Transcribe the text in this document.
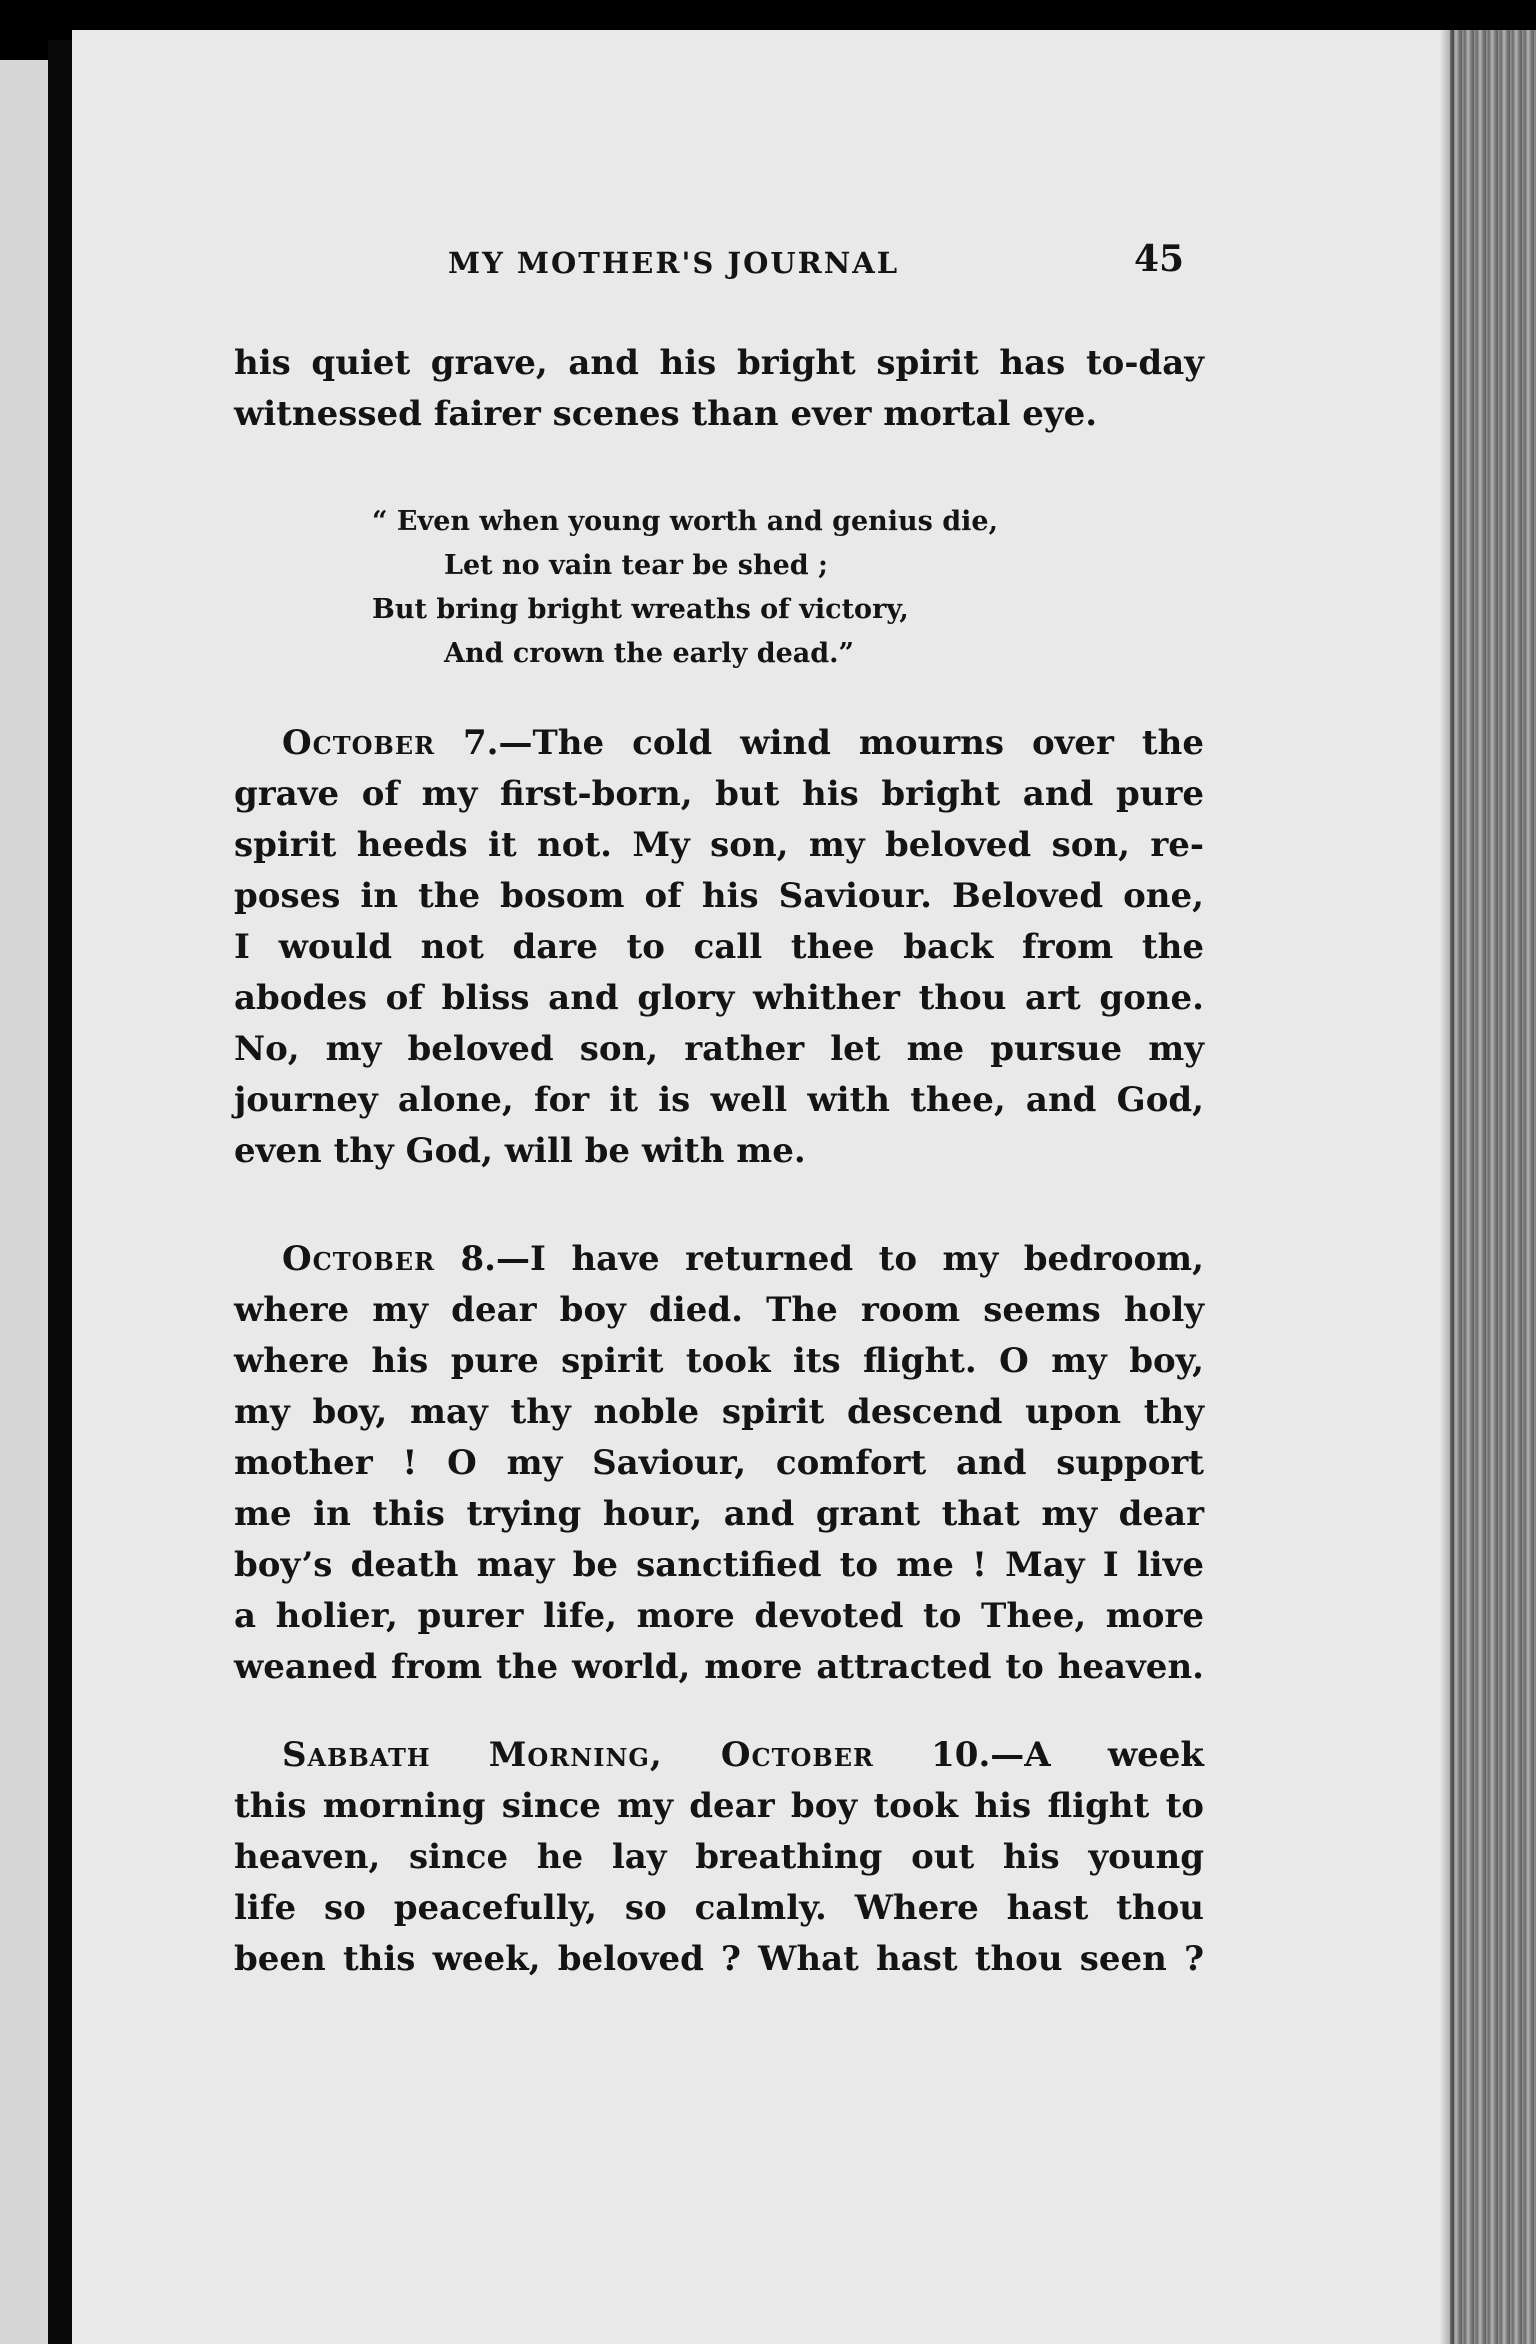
MY MOTHER'S JOURNAL	45

his quiet grave, and his bright spirit has to-day
witnessed fairer scenes than ever mortal eye.

“ Even when young worth and genius die,
Let no vain tear be shed ;
But bring bright wreaths of victory,
And crown the early dead.”

October 7.—The cold wind mourns over the
grave of my first-born, but his bright and pure
spirit heeds it not. My son, my beloved son, re-
poses in the bosom of his Saviour. Beloved one,
I would not dare to call thee back from the
abodes of bliss and glory whither thou art gone.
No, my beloved son, rather let me pursue my
journey alone, for it is well with thee, and God,
even thy God, will be with me.

October 8.—I have returned to my bedroom,
where my dear boy died. The room seems holy
where his pure spirit took its flight. O my boy,
my boy, may thy noble spirit descend upon thy
mother ! O my Saviour, comfort and support
me in this trying hour, and grant that my dear
boy’s death may be sanctified to me ! May I live
a holier, purer life, more devoted to Thee, more
weaned from the world, more attracted to heaven.

Sabbath Morning, October 10.—A week
this morning since my dear boy took his flight to
heaven, since he lay breathing out his young
life so peacefully, so calmly. Where hast thou
been this week, beloved ? What hast thou seen ?
